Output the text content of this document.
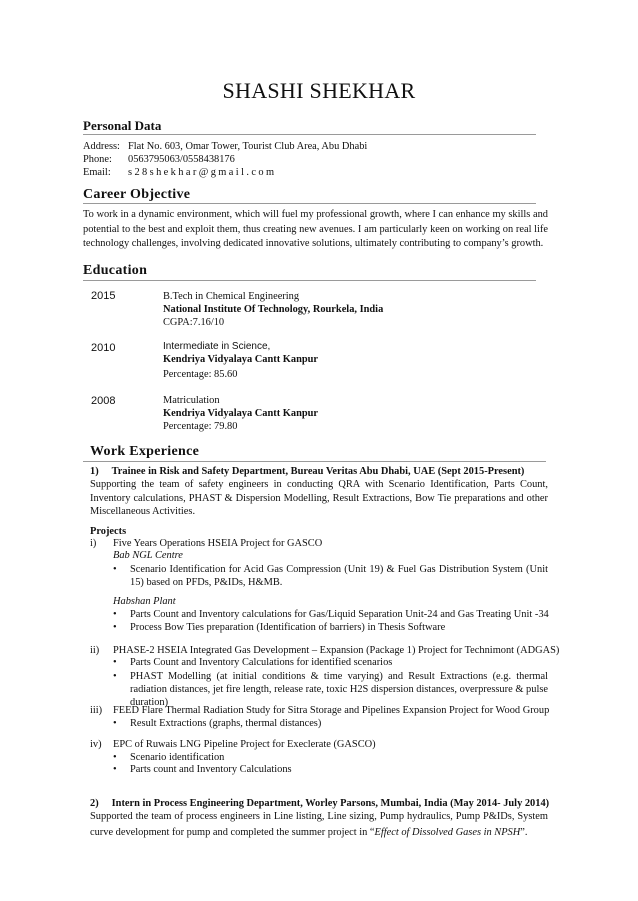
SHASHI SHEKHAR
Personal Data
Address: Flat No. 603, Omar Tower, Tourist Club Area, Abu Dhabi
Phone: 0563795063/0558438176
Email: s28shekhar@gmail.com
Career Objective
To work in a dynamic environment, which will fuel my professional growth, where I can enhance my skills and potential to the best and exploit them, thus creating new avenues. I am particularly keen on working on real life technology challenges, involving dedicated innovative solutions, ultimately contributing to company’s growth.
Education
2015	B.Tech in Chemical Engineering
National Institute Of Technology, Rourkela, India
CGPA:7.16/10
2010	Intermediate in Science,
Kendriya Vidyalaya Cantt Kanpur
Percentage: 85.60
2008	Matriculation
Kendriya Vidyalaya Cantt Kanpur
Percentage: 79.80
Work Experience
1)     Trainee in Risk and Safety Department, Bureau Veritas Abu Dhabi, UAE (Sept 2015-Present)
Supporting the team of safety engineers in conducting QRA with Scenario Identification, Parts Count, Inventory calculations, PHAST & Dispersion Modelling, Result Extractions, Bow Tie preparations and other Miscellaneous Activities.
Projects
i) Five Years Operations HSEIA Project for GASCO
Bab NGL Centre
• Scenario Identification for Acid Gas Compression (Unit 19) & Fuel Gas Distribution System (Unit 15) based on PFDs, P&IDs, H&MB.
Habshan Plant
• Parts Count and Inventory calculations for Gas/Liquid Separation Unit-24 and Gas Treating Unit -34
• Process Bow Ties preparation (Identification of barriers) in Thesis Software
ii) PHASE-2 HSEIA Integrated Gas Development – Expansion (Package 1) Project for Technimont (ADGAS)
• Parts Count and Inventory Calculations for identified scenarios
• PHAST Modelling (at initial conditions & time varying) and Result Extractions (e.g. thermal radiation distances, jet fire length, release rate, toxic H2S dispersion distances, overpressure & pulse duration)
iii) FEED Flare Thermal Radiation Study for Sitra Storage and Pipelines Expansion Project for Wood Group
• Result Extractions (graphs, thermal distances)
iv) EPC of Ruwais LNG Pipeline Project for Execlerate (GASCO)
• Scenario identification
• Parts count and Inventory Calculations
2)     Intern in Process Engineering Department, Worley Parsons, Mumbai, India (May 2014- July 2014)
Supported the team of process engineers in Line listing, Line sizing, Pump hydraulics, Pump P&IDs, System curve development for pump and completed the summer project in “Effect of Dissolved Gases in NPSH”.
